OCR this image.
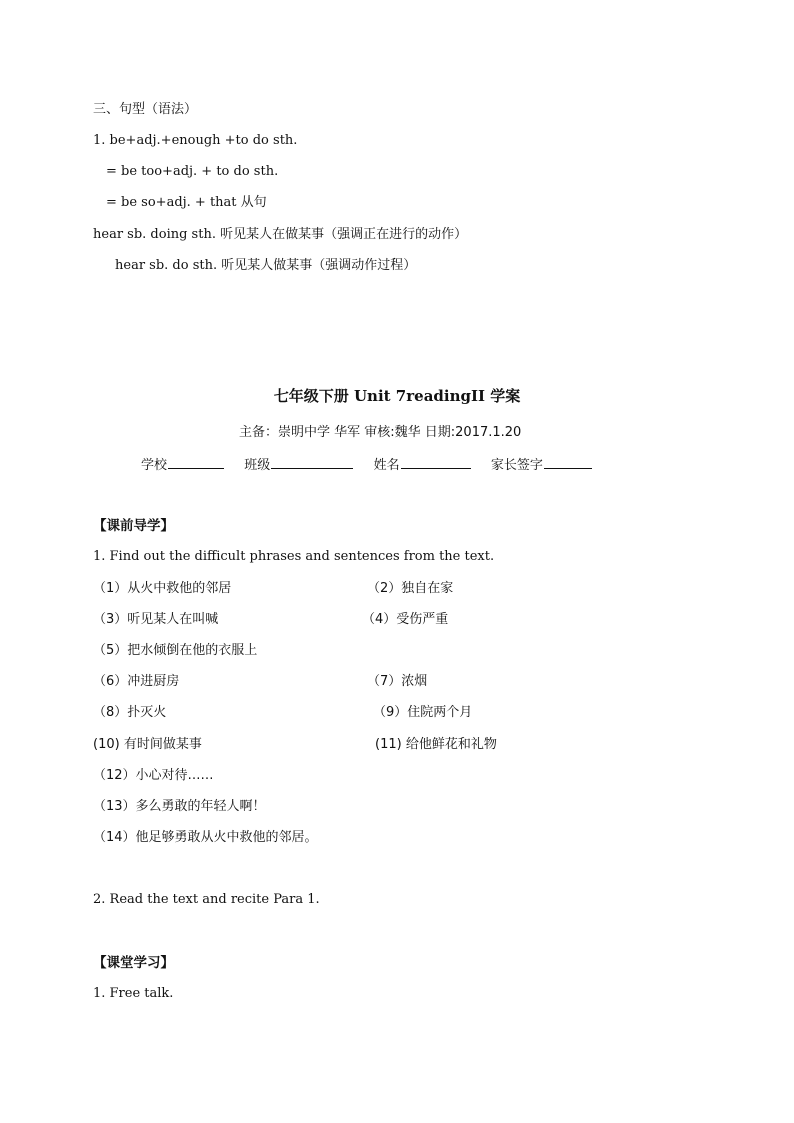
三、句型（语法）
1. be+adj.+enough +to do sth.
= be too+adj. + to do sth.
= be so+adj. + that 从句
hear sb. doing sth. 听见某人在做某事（强调正在进行的动作）
hear sb. do sth. 听见某人做某事（强调动作过程）
七年级下册 Unit 7readingII 学案
主备：崇明中学 华军 审核:魏华 日期:2017.1.20
学校	班级	姓名	家长签字
【课前导学】
1. Find out the difficult phrases and sentences from the text.
（1）从火中救他的邻居	（2）独自在家
（3）听见某人在叫喊	（4）受伤严重
（5）把水倾倒在他的衣服上
（6）冲进厨房	（7）浓烟
（8）扑灭火	（9）住院两个月
(10) 有时间做某事	(11) 给他鲜花和礼物
（12）小心对待……
（13）多么勇敢的年轻人啊！
（14）他足够勇敢从火中救他的邻居。
2. Read the text and recite Para 1.
【课堂学习】
1. Free talk.
